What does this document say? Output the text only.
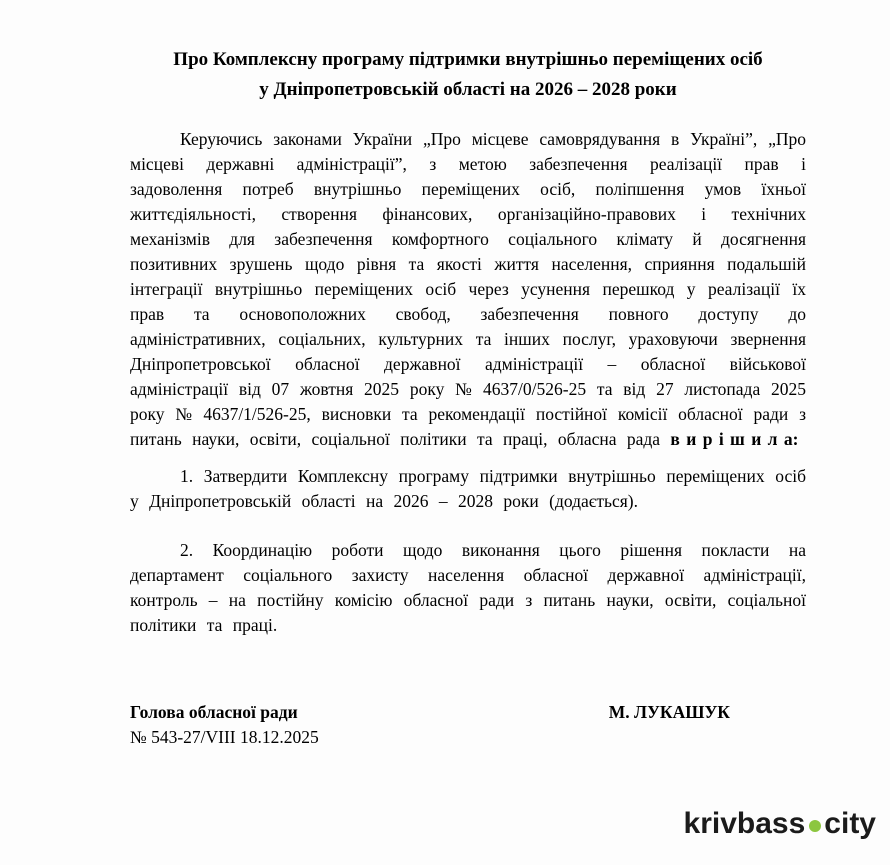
Про Комплексну програму підтримки внутрішньо переміщених осіб
у Дніпропетровській області на 2026 – 2028 роки

Керуючись законами України „Про місцеве самоврядування в Україні”, „Про місцеві державні адміністрації”, з метою забезпечення реалізації прав і задоволення потреб внутрішньо переміщених осіб, поліпшення умов їхньої життєдіяльності, створення фінансових, організаційно-правових і технічних механізмів для забезпечення комфортного соціального клімату й досягнення позитивних зрушень щодо рівня та якості життя населення, сприяння подальшій інтеграції внутрішньо переміщених осіб через усунення перешкод у реалізації їх прав та основоположних свобод, забезпечення повного доступу до адміністративних, соціальних, культурних та інших послуг, ураховуючи звернення Дніпропетровської обласної державної адміністрації – обласної військової адміністрації від 07 жовтня 2025 року № 4637/0/526-25 та від 27 листопада 2025 року № 4637/1/526-25, висновки та рекомендації постійної комісії обласної ради з питань науки, освіти, соціальної політики та праці, обласна рада в и р і ш и л а:

1. Затвердити Комплексну програму підтримки внутрішньо переміщених осіб у Дніпропетровській області на 2026 – 2028 роки (додається).

2. Координацію роботи щодо виконання цього рішення покласти на департамент соціального захисту населення обласної державної адміністрації, контроль – на постійну комісію обласної ради з питань науки, освіти, соціальної політики та праці.

Голова обласної ради	М. ЛУКАШУК
№ 543-27/VIII 18.12.2025
krivbass city
